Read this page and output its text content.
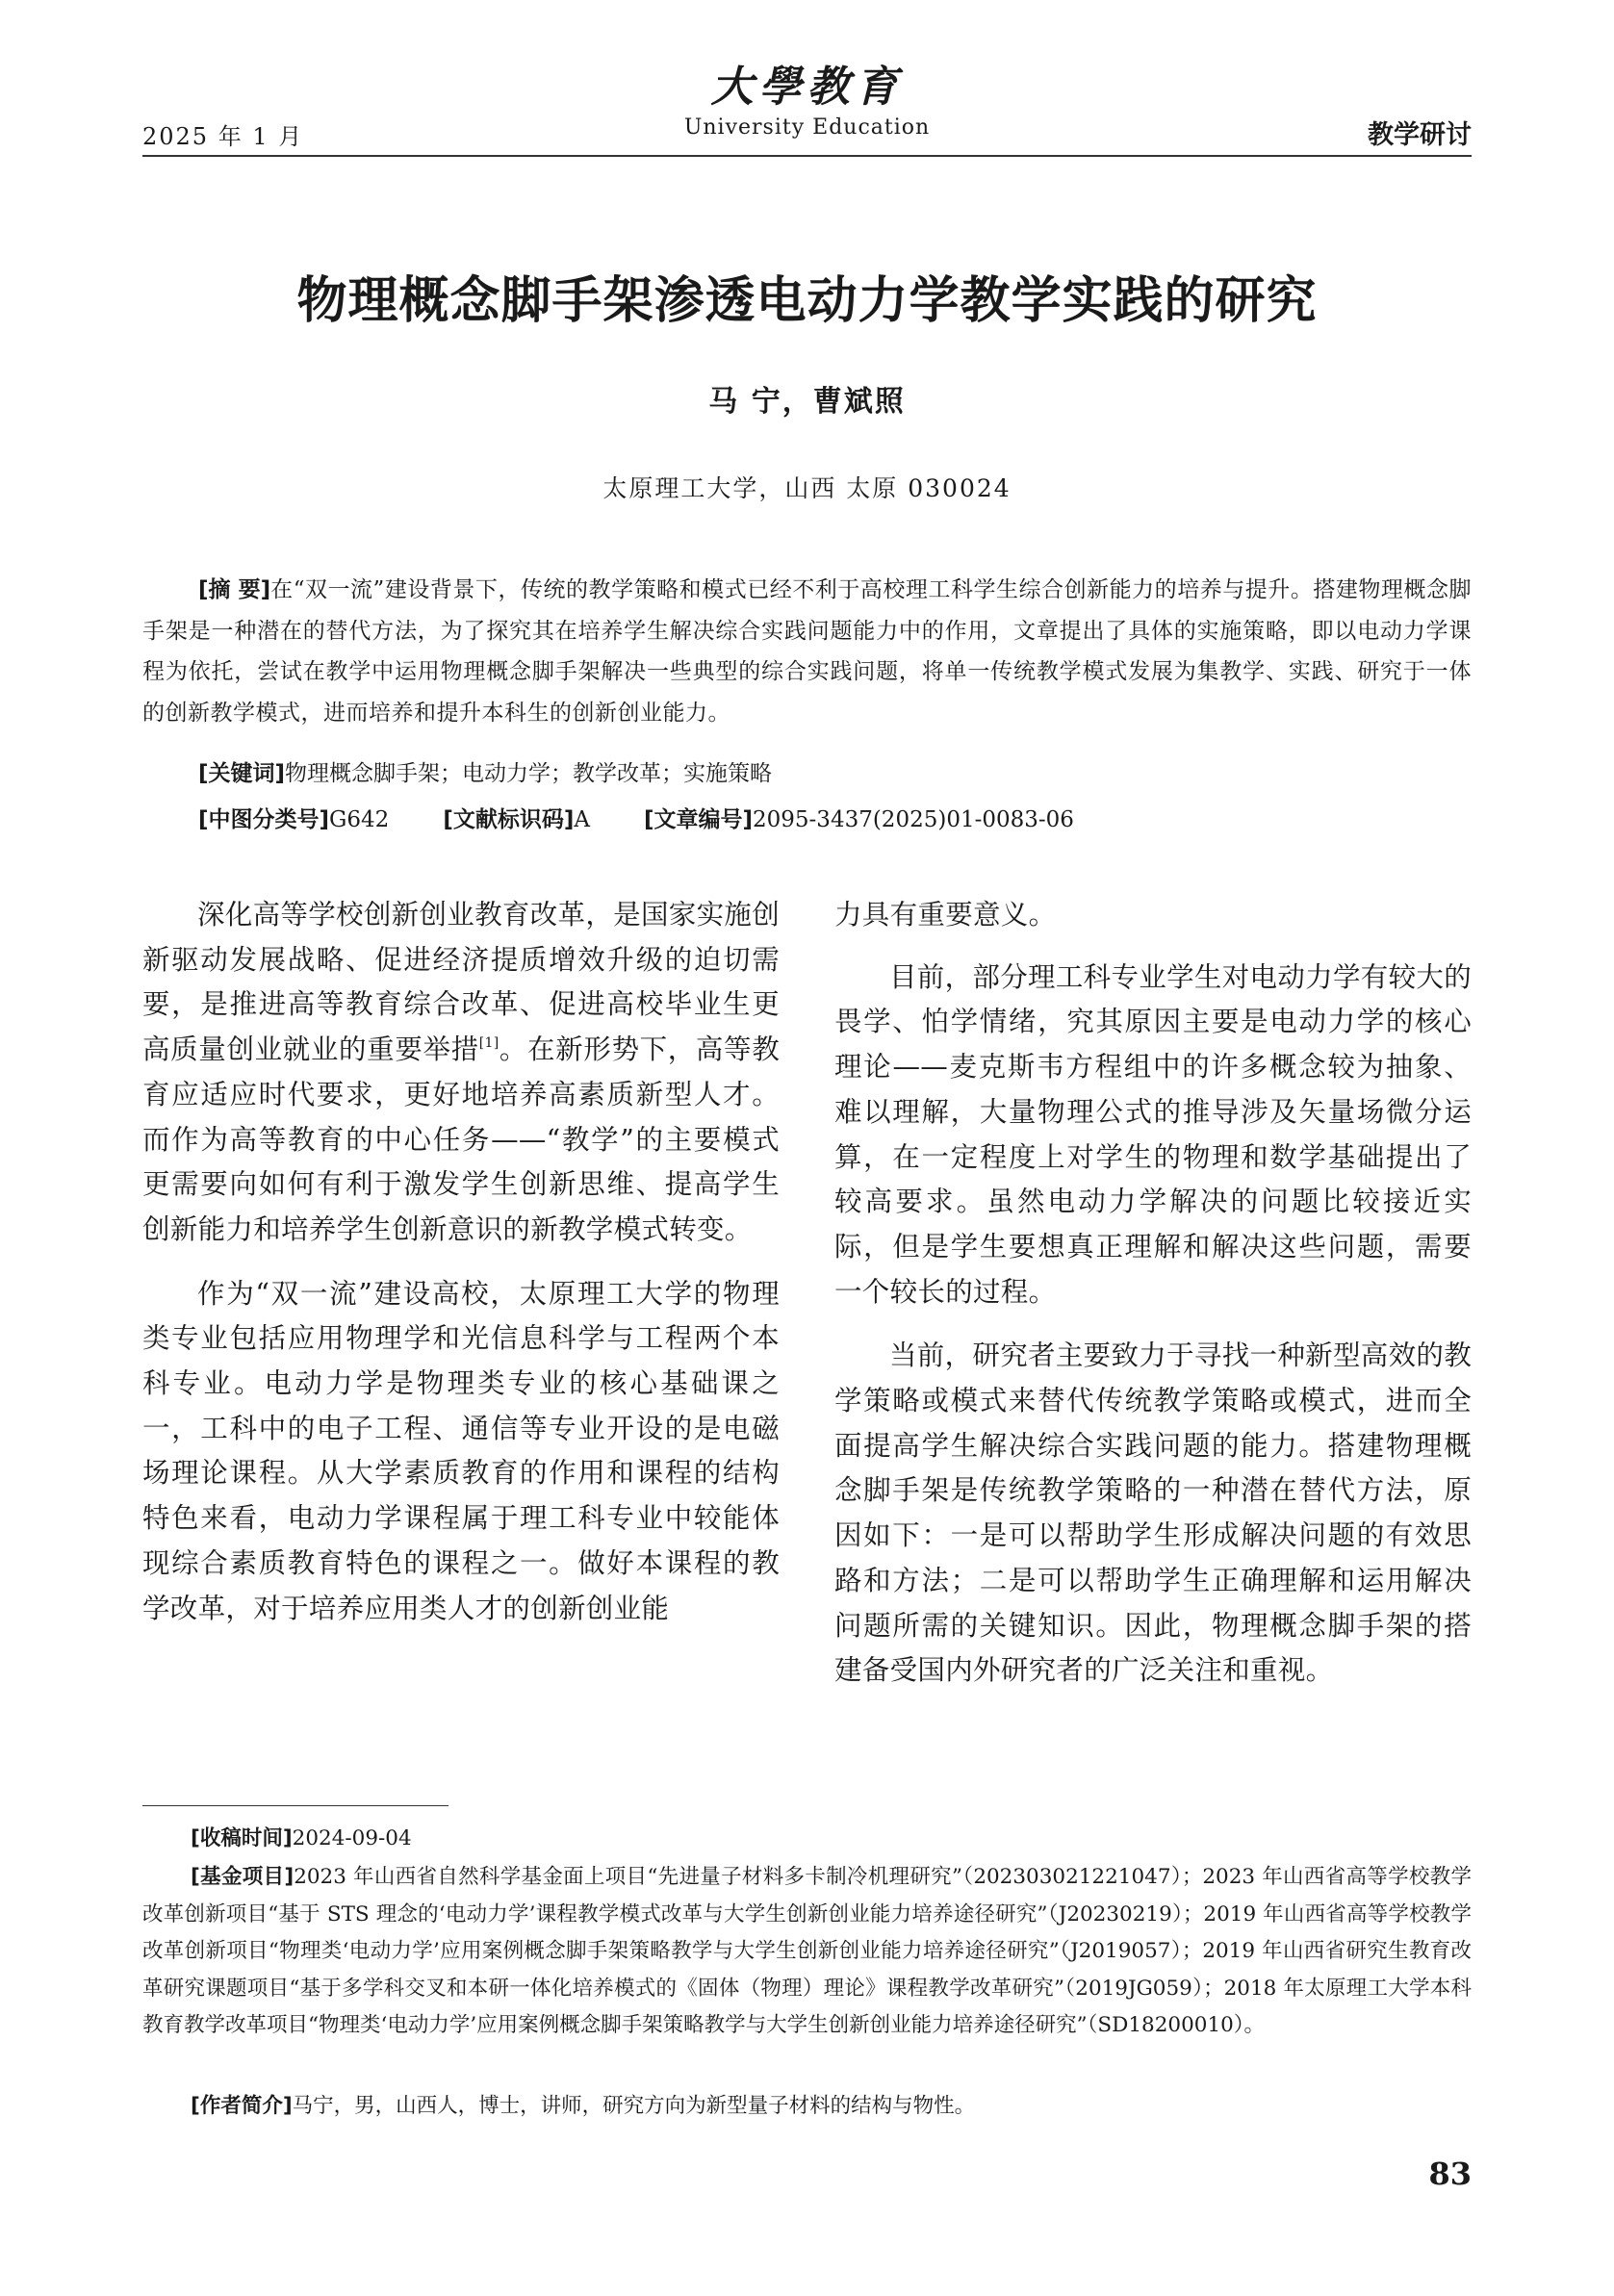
2025 年 1 月
大學教育
University Education	教学研讨
物理概念脚手架渗透电动力学教学实践的研究
马 宁，曹斌照
太原理工大学，山西 太原 030024

[摘 要]在“双一流”建设背景下，传统的教学策略和模式已经不利于高校理工科学生综合创新能力的培养与提升。搭建物理概念脚手架是一种潜在的替代方法，为了探究其在培养学生解决综合实践问题能力中的作用，文章提出了具体的实施策略，即以电动力学课程为依托，尝试在教学中运用物理概念脚手架解决一些典型的综合实践问题，将单一传统教学模式发展为集教学、实践、研究于一体的创新教学模式，进而培养和提升本科生的创新创业能力。

[关键词]物理概念脚手架；电动力学；教学改革；实施策略
[中图分类号]G642 [文献标识码]A [文章编号]2095-3437(2025)01-0083-06

深化高等学校创新创业教育改革，是国家实施创新驱动发展战略、促进经济提质增效升级的迫切需要，是推进高等教育综合改革、促进高校毕业生更高质量创业就业的重要举措[1]。在新形势下，高等教育应适应时代要求，更好地培养高素质新型人才。而作为高等教育的中心任务——“教学”的主要模式更需要向如何有利于激发学生创新思维、提高学生创新能力和培养学生创新意识的新教学模式转变。

作为“双一流”建设高校，太原理工大学的物理类专业包括应用物理学和光信息科学与工程两个本科专业。电动力学是物理类专业的核心基础课之一，工科中的电子工程、通信等专业开设的是电磁场理论课程。从大学素质教育的作用和课程的结构特色来看，电动力学课程属于理工科专业中较能体现综合素质教育特色的课程之一。做好本课程的教学改革，对于培养应用类人才的创新创业能

力具有重要意义。

目前，部分理工科专业学生对电动力学有较大的畏学、怕学情绪，究其原因主要是电动力学的核心理论——麦克斯韦方程组中的许多概念较为抽象、难以理解，大量物理公式的推导涉及矢量场微分运算，在一定程度上对学生的物理和数学基础提出了较高要求。虽然电动力学解决的问题比较接近实际，但是学生要想真正理解和解决这些问题，需要一个较长的过程。

当前，研究者主要致力于寻找一种新型高效的教学策略或模式来替代传统教学策略或模式，进而全面提高学生解决综合实践问题的能力。搭建物理概念脚手架是传统教学策略的一种潜在替代方法，原因如下：一是可以帮助学生形成解决问题的有效思路和方法；二是可以帮助学生正确理解和运用解决问题所需的关键知识。因此，物理概念脚手架的搭建备受国内外研究者的广泛关注和重视。

[收稿时间]2024-09-04

[基金项目]2023 年山西省自然科学基金面上项目“先进量子材料多卡制冷机理研究”（202303021221047）；2023 年山西省高等学校教学改革创新项目“基于 STS 理念的‘电动力学’课程教学模式改革与大学生创新创业能力培养途径研究”（J20230219）；2019 年山西省高等学校教学改革创新项目“物理类‘电动力学’应用案例概念脚手架策略教学与大学生创新创业能力培养途径研究”（J2019057）；2019 年山西省研究生教育改革研究课题项目“基于多学科交叉和本研一体化培养模式的《固体（物理）理论》课程教学改革研究”（2019JG059）；2018 年太原理工大学本科教育教学改革项目“物理类‘电动力学’应用案例概念脚手架策略教学与大学生创新创业能力培养途径研究”（SD18200010）。

[作者简介]马宁，男，山西人，博士，讲师，研究方向为新型量子材料的结构与物性。

83
